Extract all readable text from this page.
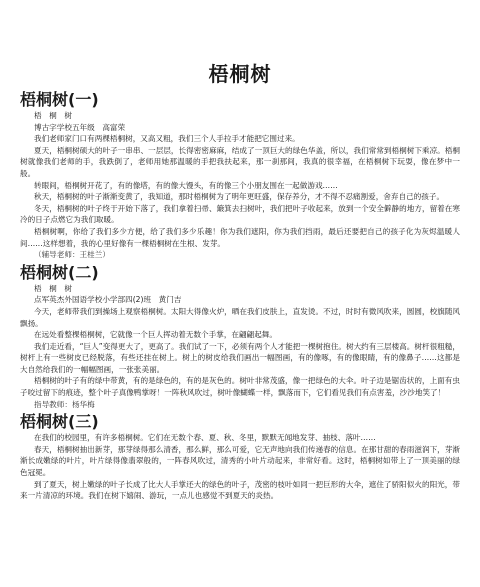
梧桐树
梧桐树(一)

梧　桐　树

博古字学校五年级　高富荣

我们老师家门口有两棵梧桐树，又高又粗，我们三个人手拉手才能把它围过来。

夏天，梧桐树硕大的叶子一串串、一层层，长得密密麻麻，结成了一顶巨大的绿色华盖，所以，我们常常到梧桐树下乘凉。梧桐树就像我们老师的手，我跌倒了，老师用她那温暖的手把我扶起来，那一刹那间，我真的很幸福，在梧桐树下玩耍，像在梦中一般。

转眼间，梧桐树开花了，有的像塔，有的像大馒头，有的像三个小朋友围在一起做游戏……

秋天，梧桐树的叶子渐渐变黄了，我知道，那时梧桐树为了明年更旺盛，保存养分，才不得不忍痛割爱，舍弃自己的孩子。

冬天，梧桐树的叶子终于开始下落了，我们拿着扫帚、簸箕去扫树叶，我们把叶子收起来，放到一个安全僻静的地方，留着在寒冷的日子点燃它为我们取暖。

梧桐树啊，你给了我们多少方便，给了我们多少乐趣！你为我们遮阳，你为我们挡雨，最后还要把自己的孩子化为灰烬温暖人间……这样想着，我的心里好像有一棵梧桐树在生根、发芽。

（辅导老师：王桂兰）

梧桐树(二)

梧　桐　树

点军英杰外国语学校小学部四(2)班　黄门吉

今天，老师带我们到操场上观察梧桐树。太阳大得像火炉，晒在我们皮肤上，直发烫。不过，时时有微风吹来，圆圆，校旗随风飘扬。

在远处看整棵梧桐树，它就像一个巨人挥动着无数个手掌，在翩翩起舞。

我们走近看，“巨人”变得更大了，更高了。我们试了一下，必须有两个人才能把一棵树抱住。树大约有三层楼高。树杆很粗糙，树杆上有一些树皮已经脱落，有些还挂在树上。树上的树皮给我们画出一幅图画，有的像啄，有的像眼睛，有的像鼻子……这都是大自然给我们的一幅幅图画，一张张美丽。

梧桐树的叶子有的绿中带黄，有的是绿色的，有的是灰色的。树叶非常茂盛，像一把绿色的大伞。叶子边是锯齿状的，上面有虫子咬过留下的痕迹，整个叶子真像鸭掌呀！一阵秋风吹过，树叶像蝴蝶一样，飘落而下，它们看见我们有点害羞，沙沙地笑了！

指导教师：杨华梅

梧桐树(三)

在我们的校园里，有许多梧桐树。它们在无数个春、夏、秋、冬里，默默无闻地发芽、抽枝、落叶……

春天，梧桐树抽出新芽，那芽绿得那么清香，那么鲜，那么可爱，它无声地向我们传递春的信息。在那甘甜的春雨滋润下，芽渐渐长成嫩绿的叶片，叶片绿得像翡翠般的，一阵春风吹过，清秀的小叶片动起来，非常好看。这时，梧桐树如带上了一顶美丽的绿色冠冕。

到了夏天，树上嫩绿的叶子长成了比大人手掌还大的绿色的叶子，茂密的枝叶如同一把巨形的大伞，遮住了骄阳似火的阳光，带来一片清凉的环境。我们在树下嬉闹、游玩，一点儿也感觉不到夏天的炎热。
